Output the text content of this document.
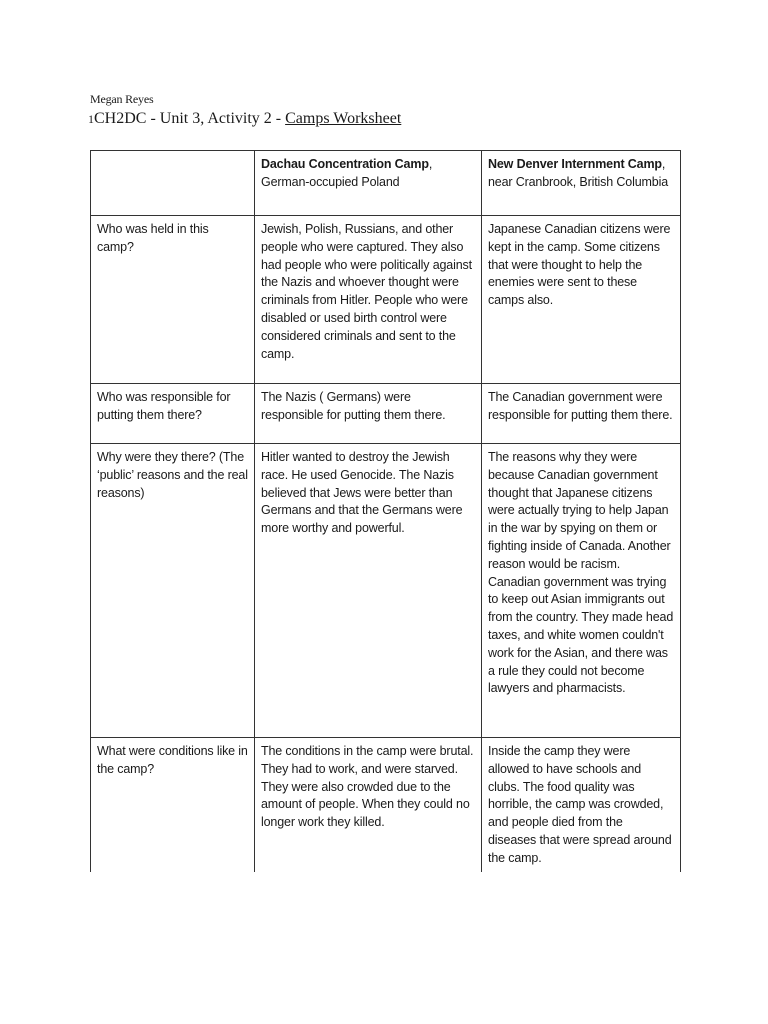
Megan Reyes
1CH2DC - Unit 3, Activity 2 - Camps Worksheet
	Dachau Concentration Camp, German-occupied Poland	New Denver Internment Camp, near Cranbrook, British Columbia
Who was held in this camp?	Jewish, Polish, Russians, and other people who were captured. They also had people who were politically against the Nazis and whoever thought were criminals from Hitler. People who were disabled or used birth control were considered criminals and sent to the camp.	Japanese Canadian citizens were kept in the camp. Some citizens that were thought to help the enemies were sent to these camps also.
Who was responsible for putting them there?	The Nazis ( Germans) were responsible for putting them there.	The Canadian government were responsible for putting them there.
Why were they there? (The ‘public’ reasons and the real reasons)	Hitler wanted to destroy the Jewish race. He used Genocide. The Nazis believed that Jews were better than Germans and that the Germans were more worthy and powerful.	The reasons why they were because Canadian government thought that Japanese citizens were actually trying to help Japan in the war by spying on them or fighting inside of Canada. Another reason would be racism. Canadian government was trying to keep out Asian immigrants out from the country. They made head taxes, and white women couldn't work for the Asian, and there was a rule they could not become lawyers and pharmacists.
What were conditions like in the camp?	The conditions in the camp were brutal. They had to work, and were starved. They were also crowded due to the amount of people. When they could no longer work they killed.	Inside the camp they were allowed to have schools and clubs. The food quality was horrible, the camp was crowded, and people died from the diseases that were spread around the camp.
